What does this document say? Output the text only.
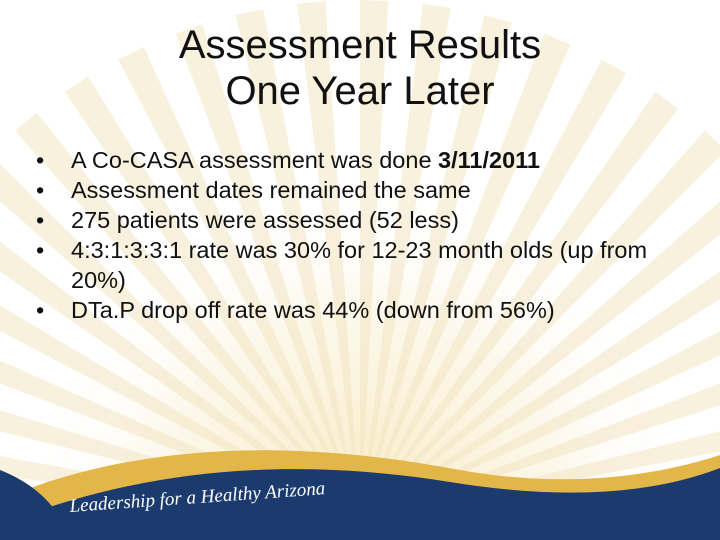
Assessment Results
One Year Later
•	A Co-CASA assessment was done 3/11/2011
•	Assessment dates remained the same
•	275 patients were assessed (52 less)
•	4:3:1:3:3:1 rate was 30% for 12-23 month olds (up from 20%)
•	DTa.P drop off rate was 44% (down from 56%)
Leadership for a Healthy Arizona
